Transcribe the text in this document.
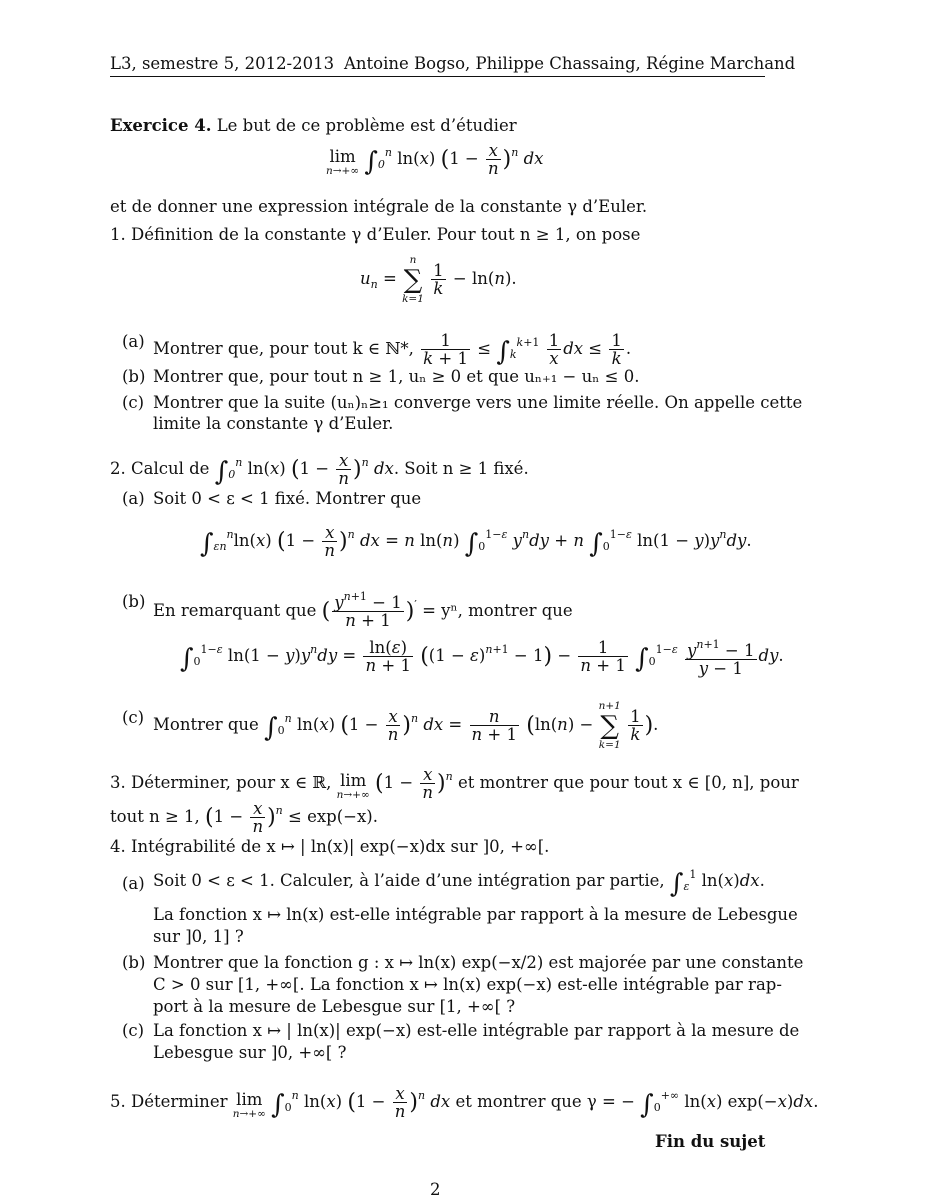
L3, semestre 5, 2012-2013 Antoine Bogso, Philippe Chassaing, Régine Marchand
Exercice 4. Le but de ce problème est d’étudier
lim
n→+∞ $\int_0^n$ ln(x) $(1 - \frac{x}{n} )^n$ dx
et de donner une expression intégrale de la constante γ d’Euler.
1. Définition de la constante γ d’Euler. Pour tout n ≥ 1, on pose
$u_n$ =
n
∑
k=1

$\frac{1}{k} - \ln(n)$.
(a) Montrer que, pour tout k ∈ ℕ*, $\frac{1}{k + 1} \le \int_k^{k+1} \frac{1}{x}$ dx ≤ $\frac{1}{k}$ .
(b) Montrer que, pour tout n ≥ 1, uₙ ≥ 0 et que uₙ₊₁ − uₙ ≤ 0.
(c) Montrer que la suite (uₙ)ₙ≥₁ converge vers une limite réelle. On appelle cette
limite la constante γ d’Euler.
2. Calcul de $\int_0^n$ ln(x) $(1 - \frac{x}{n} )^n$ dx. Soit n ≥ 1 fixé.
(a) Soit 0 < ε < 1 fixé. Montrer que
$\int_{\varepsilon n}^n\ln(x) (1 - \frac{x}{n} )^n$ dx = n ln(n) $\int_0^{1-\varepsilon}$ $y^ndy + n$ $\int_0^{1-\varepsilon}$ $\ln(1 - y)y^ndy$.
(b) En remarquant que ( $\frac{y^{n+1} - 1}{n + 1} )' = y^n$, montrer que
$\int_0^{1-\varepsilon}$ $\ln(1 - y)y^ndy = \frac{\ln(\varepsilon)}{n + 1} ((1 - \varepsilon)^{n+1} - 1) - \frac{1}{n + 1} \int_0^{1-\varepsilon} \frac{y^{n+1} - 1}{y - 1}$ dy.
(c) Montrer que $\int_0^n$ ln(x) $(1 - \frac{x}{n} )^n$ dx = $\frac{n}{n + 1} (\ln(n)$ −
n+1
∑
k=1

$\frac{1}{k}$ ).
3. Déterminer, pour x ∈ ℝ, lim
n→+∞ $(1 - \frac{x}{n} )^n$ et montrer que pour tout x ∈ [0, n], pour
tout n ≥ 1, $(1 - \frac{x}{n} )^n \le \exp(-x)$.
4. Intégrabilité de x ↦ | ln(x)| exp(−x)dx sur ]0, +∞[.
(a) Soit 0 < ε < 1. Calculer, à l’aide d’une intégration par partie, $\int_\varepsilon^1$ ln(x)dx.
La fonction x ↦ ln(x) est-elle intégrable par rapport à la mesure de Lebesgue
sur ]0, 1] ?
(b) Montrer que la fonction g : x ↦ ln(x) exp(−x/2) est majorée par une constante
C > 0 sur [1, +∞[. La fonction x ↦ ln(x) exp(−x) est-elle intégrable par rap-
port à la mesure de Lebesgue sur [1, +∞[ ?
(c) La fonction x ↦ | ln(x)| exp(−x) est-elle intégrable par rapport à la mesure de
Lebesgue sur ]0, +∞[ ?
5. Déterminer lim
n→+∞ $\int_0^n$ ln(x) $(1 - \frac{x}{n} )^n$ dx et montrer que γ = − $\int_0^{+\infty}$ ln(x) exp(−x)dx.
Fin du sujet
2
